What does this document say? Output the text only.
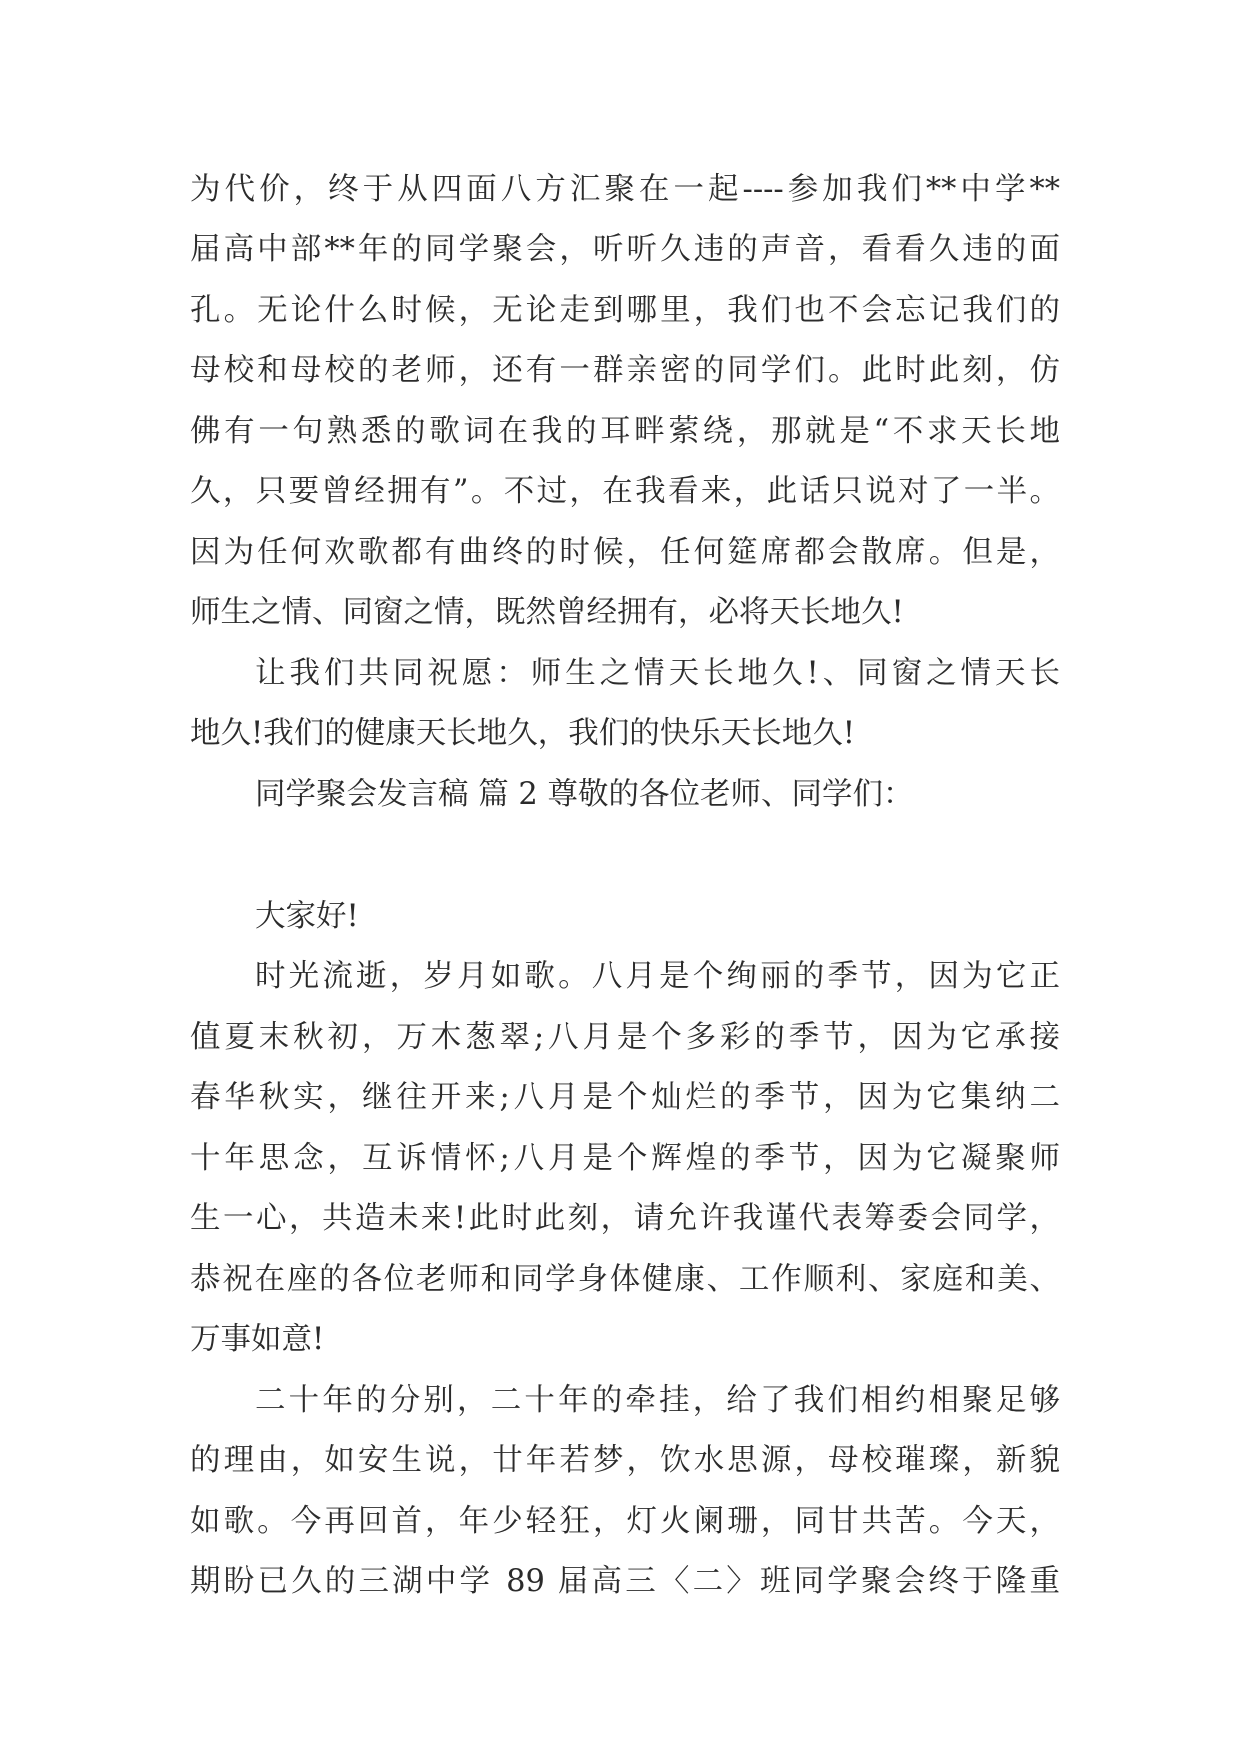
为代价，终于从四面八方汇聚在一起----参加我们**中学**
届高中部**年的同学聚会，听听久违的声音，看看久违的面
孔。无论什么时候，无论走到哪里，我们也不会忘记我们的
母校和母校的老师，还有一群亲密的同学们。此时此刻，仿
佛有一句熟悉的歌词在我的耳畔萦绕，那就是“不求天长地
久，只要曾经拥有”。不过，在我看来，此话只说对了一半。
因为任何欢歌都有曲终的时候，任何筵席都会散席。但是，
师生之情、同窗之情，既然曾经拥有，必将天长地久!
让我们共同祝愿：师生之情天长地久!、同窗之情天长
地久!我们的健康天长地久，我们的快乐天长地久!
同学聚会发言稿 篇 2 尊敬的各位老师、同学们：
大家好!
时光流逝，岁月如歌。八月是个绚丽的季节，因为它正
值夏末秋初，万木葱翠;八月是个多彩的季节，因为它承接
春华秋实，继往开来;八月是个灿烂的季节，因为它集纳二
十年思念，互诉情怀;八月是个辉煌的季节，因为它凝聚师
生一心，共造未来!此时此刻，请允许我谨代表筹委会同学，
恭祝在座的各位老师和同学身体健康、工作顺利、家庭和美、
万事如意!
二十年的分别，二十年的牵挂，给了我们相约相聚足够
的理由，如安生说，廿年若梦，饮水思源，母校璀璨，新貌
如歌。今再回首，年少轻狂，灯火阑珊，同甘共苦。今天，
期盼已久的三湖中学 89 届高三〈二〉班同学聚会终于隆重
